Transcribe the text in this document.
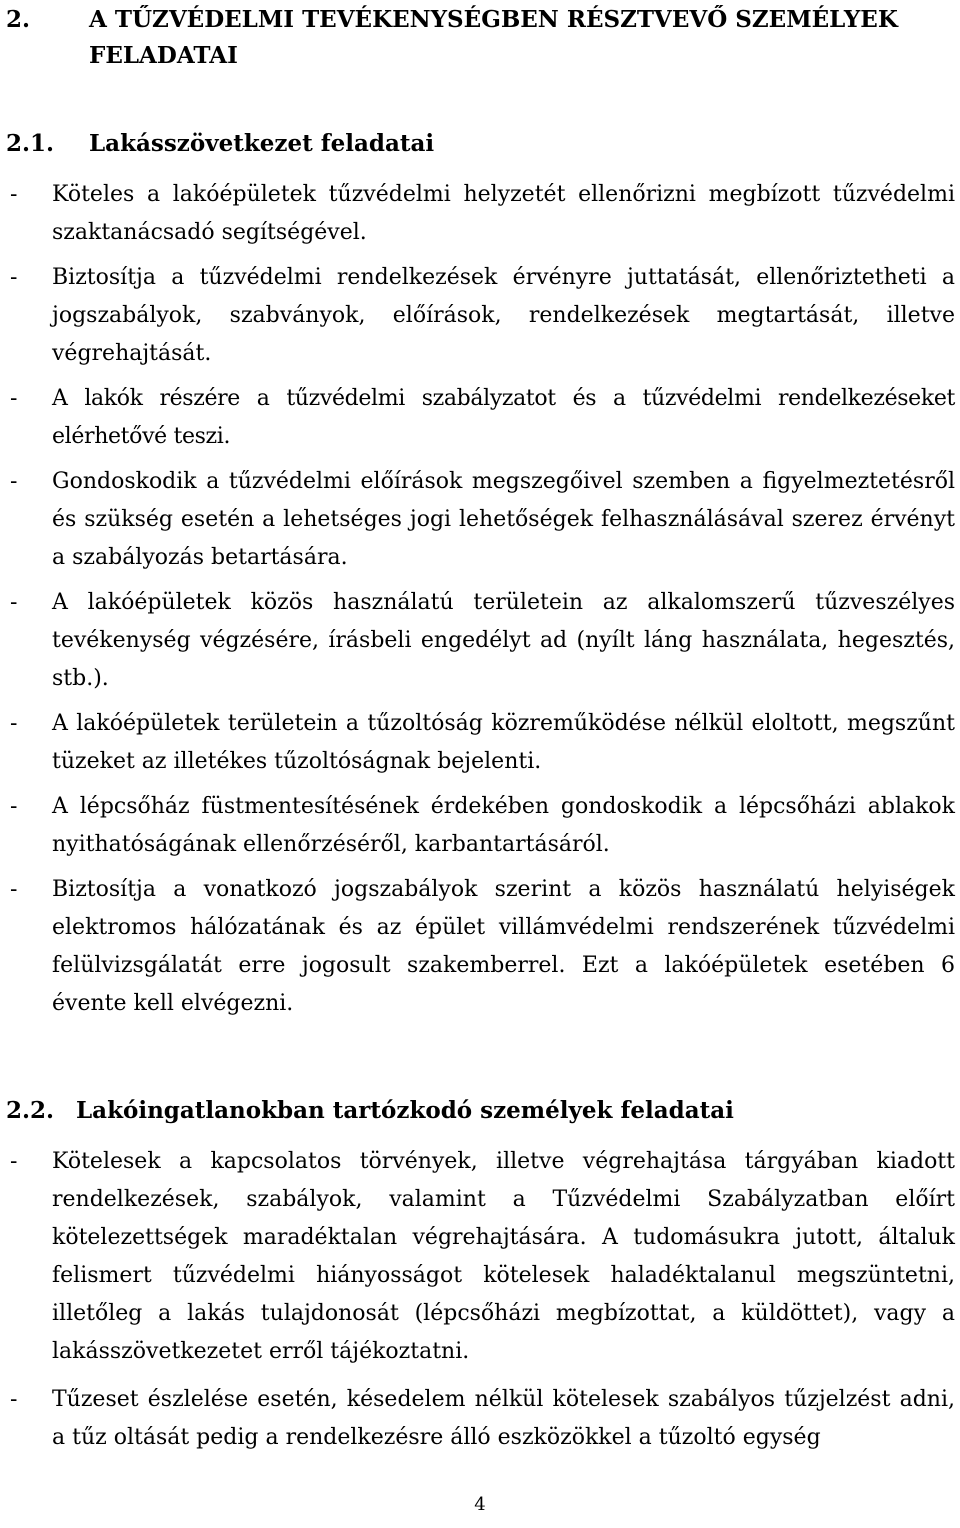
2.	A TŰZVÉDELMI TEVÉKENYSÉGBEN RÉSZTVEVŐ SZEMÉLYEK FELADATAI
2.1. Lakásszövetkezet feladatai
- Köteles a lakóépületek tűzvédelmi helyzetét ellenőrizni megbízott tűzvédelmi szaktanácsadó segítségével.
- Biztosítja a tűzvédelmi rendelkezések érvényre juttatását, ellenőriztetheti a jogszabályok, szabványok, előírások, rendelkezések megtartását, illetve végrehajtását.
- A lakók részére a tűzvédelmi szabályzatot és a tűzvédelmi rendelkezéseket elérhetővé teszi.
- Gondoskodik a tűzvédelmi előírások megszegőivel szemben a figyelmeztetésről és szükség esetén a lehetséges jogi lehetőségek felhasználásával szerez érvényt a szabályozás betartására.
- A lakóépületek közös használatú területein az alkalomszerű tűzveszélyes tevékenység végzésére, írásbeli engedélyt ad (nyílt láng használata, hegesztés, stb.).
- A lakóépületek területein a tűzoltóság közreműködése nélkül eloltott, megszűnt tüzeket az illetékes tűzoltóságnak bejelenti.
- A lépcsőház füstmentesítésének érdekében gondoskodik a lépcsőházi ablakok nyithatóságának ellenőrzéséről, karbantartásáról.
- Biztosítja a vonatkozó jogszabályok szerint a közös használatú helyiségek elektromos hálózatának és az épület villámvédelmi rendszerének tűzvédelmi felülvizsgálatát erre jogosult szakemberrel. Ezt a lakóépületek esetében 6 évente kell elvégezni.
2.2. Lakóingatlanokban tartózkodó személyek feladatai
- Kötelesek a kapcsolatos törvények, illetve végrehajtása tárgyában kiadott rendelkezések, szabályok, valamint a Tűzvédelmi Szabályzatban előírt kötelezettségek maradéktalan végrehajtására. A tudomásukra jutott, általuk felismert tűzvédelmi hiányosságot kötelesek haladéktalanul megszüntetni, illetőleg a lakás tulajdonosát (lépcsőházi megbízottat, a küldöttet), vagy a lakásszövetkezetet erről tájékoztatni.
- Tűzeset észlelése esetén, késedelem nélkül kötelesek szabályos tűzjelzést adni, a tűz oltását pedig a rendelkezésre álló eszközökkel a tűzoltó egység
4
